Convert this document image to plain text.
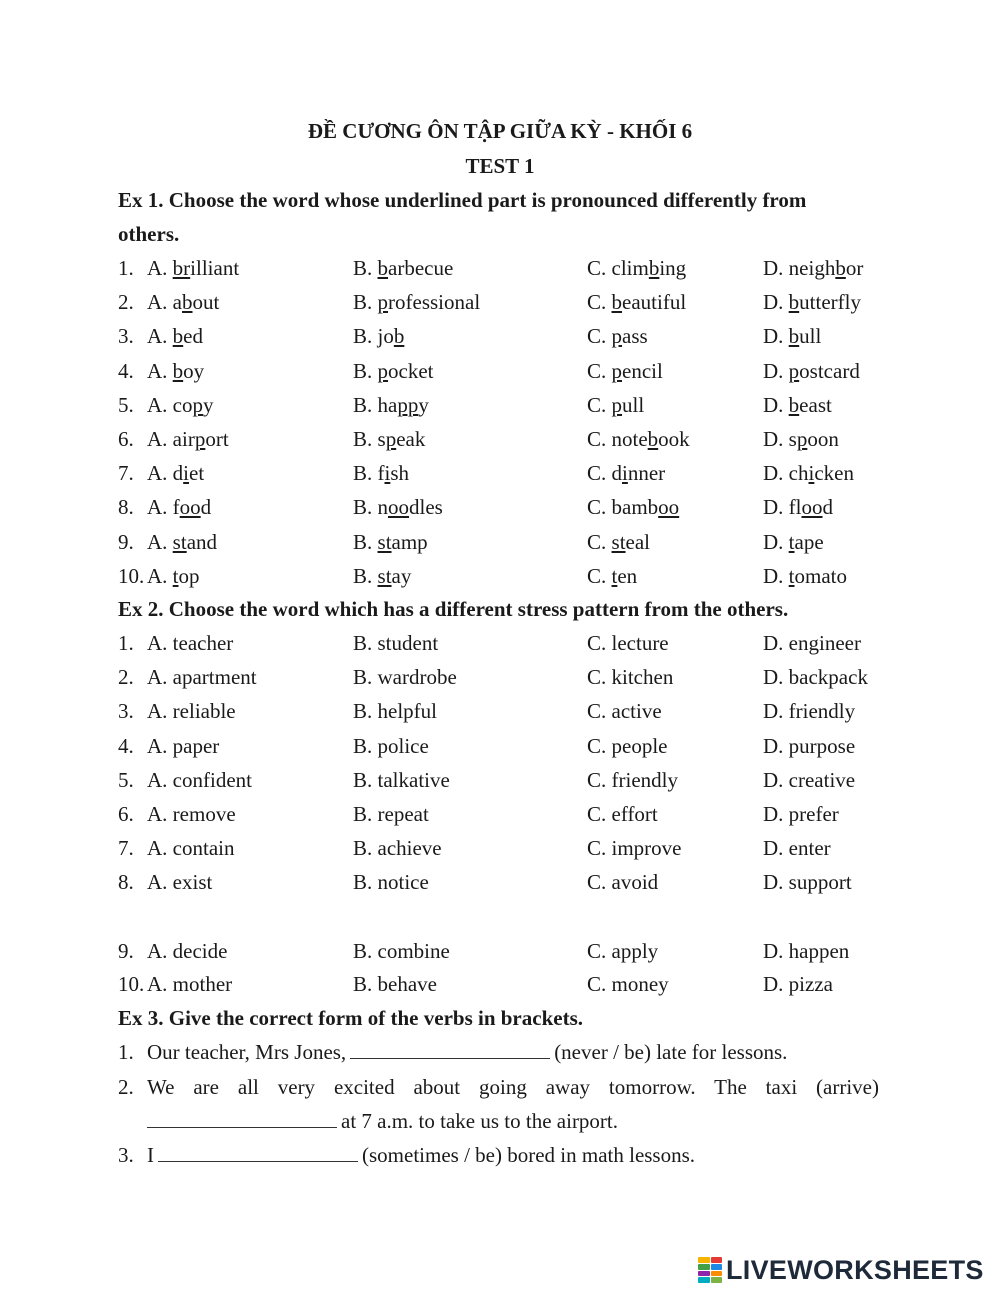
ĐỀ CƯƠNG ÔN TẬP GIỮA KỲ - KHỐI 6
TEST 1
Ex 1. Choose the word whose underlined part is pronounced differently from
others.
1. A. brilliant	B. barbecue	C. climbing	D. neighbor
2. A. about	B. professional	C. beautiful	D. butterfly
3. A. bed	B. job	C. pass	D. bull
4. A. boy	B. pocket	C. pencil	D. postcard
5. A. copy	B. happy	C. pull	D. beast
6. A. airport	B. speak	C. notebook	D. spoon
7. A. diet	B. fish	C. dinner	D. chicken
8. A. food	B. noodles	C. bamboo	D. flood
9. A. stand	B. stamp	C. steal	D. tape
10. A. top	B. stay	C. ten	D. tomato
Ex 2. Choose the word which has a different stress pattern from the others.
1. A. teacher	B. student	C. lecture	D. engineer
2. A. apartment	B. wardrobe	C. kitchen	D. backpack
3. A. reliable	B. helpful	C. active	D. friendly
4. A. paper	B. police	C. people	D. purpose
5. A. confident	B. talkative	C. friendly	D. creative
6. A. remove	B. repeat	C. effort	D. prefer
7. A. contain	B. achieve	C. improve	D. enter
8. A. exist	B. notice	C. avoid	D. support
9. A. decide	B. combine	C. apply	D. happen
10. A. mother	B. behave	C. money	D. pizza
Ex 3. Give the correct form of the verbs in brackets.
1. Our teacher, Mrs Jones,	(never / be) late for lessons.
2. We are all very excited about going away tomorrow. The taxi (arrive)
at 7 a.m. to take us to the airport.
3. I	(sometimes / be) bored in math lessons.
LIVEWORKSHEETS
